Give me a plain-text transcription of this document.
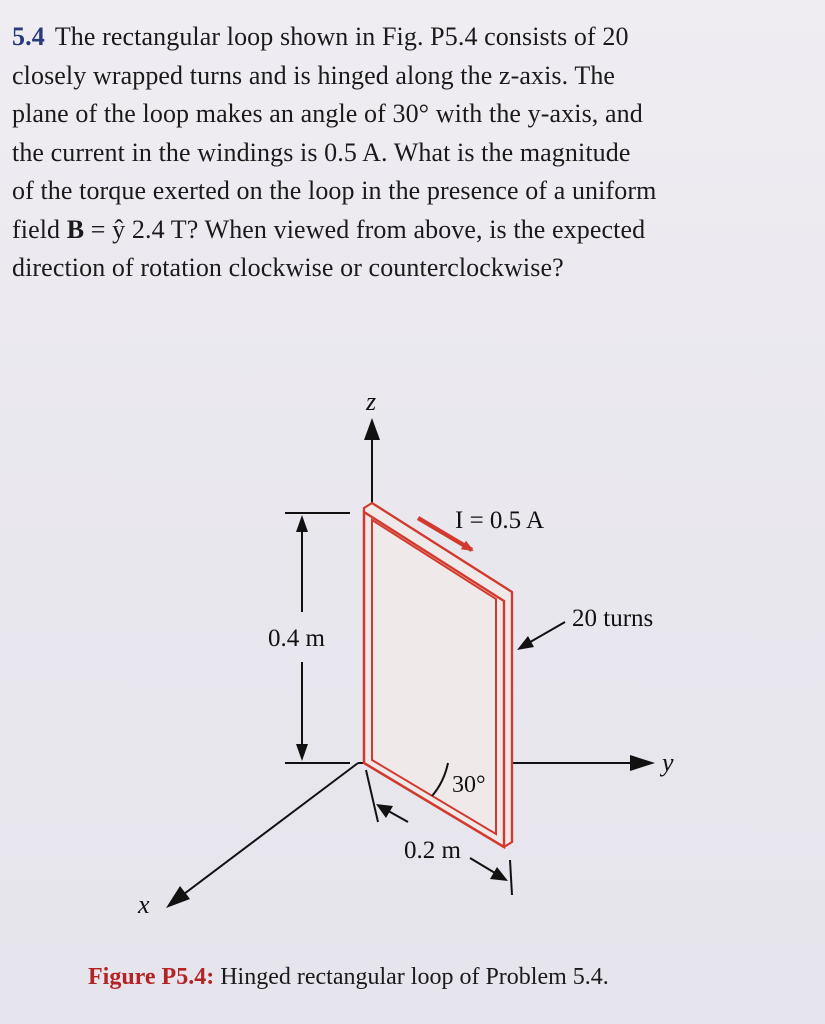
5.4 The rectangular loop shown in Fig. P5.4 consists of 20
closely wrapped turns and is hinged along the z-axis. The
plane of the loop makes an angle of 30° with the y-axis, and
the current in the windings is 0.5 A. What is the magnitude
of the torque exerted on the loop in the presence of a uniform
field B = ŷ 2.4 T? When viewed from above, is the expected
direction of rotation clockwise or counterclockwise?
z
y
x
0.4 m
I = 0.5 A
20 turns
30°
0.2 m
Figure P5.4: Hinged rectangular loop of Problem 5.4.
